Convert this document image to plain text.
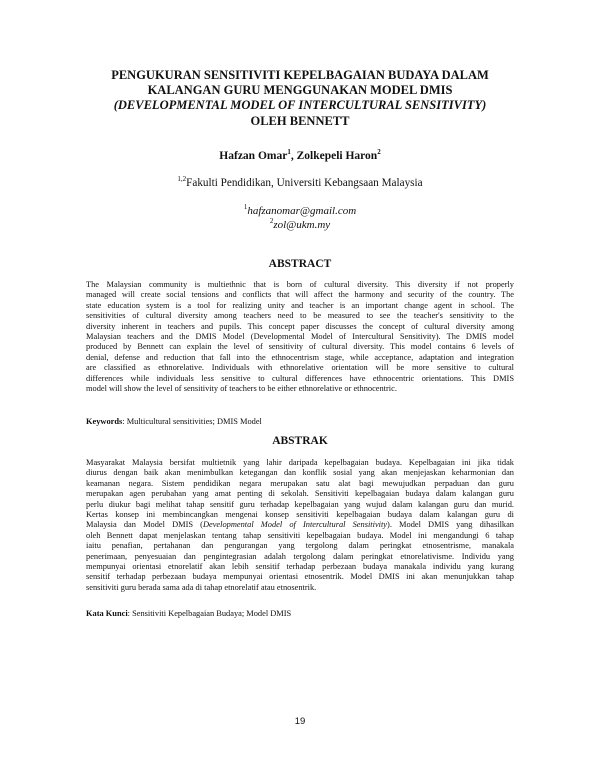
PENGUKURAN SENSITIVITI KEPELBAGAIAN BUDAYA DALAM
KALANGAN GURU MENGGUNAKAN MODEL DMIS
(DEVELOPMENTAL MODEL OF INTERCULTURAL SENSITIVITY)
OLEH BENNETT
Hafzan Omar$^1$, Zolkepeli Haron$^2$
$^{1,2}$Fakulti Pendidikan, Universiti Kebangsaan Malaysia
$^1$hafzanomar@gmail.com
$^2$zol@ukm.my
ABSTRACT
The Malaysian community is multiethnic that is born of cultural diversity. This diversity if not properly
managed will create social tensions and conflicts that will affect the harmony and security of the country. The
state education system is a tool for realizing unity and teacher is an important change agent in school. The
sensitivities of cultural diversity among teachers need to be measured to see the teacher's sensitivity to the
diversity inherent in teachers and pupils. This concept paper discusses the concept of cultural diversity among
Malaysian teachers and the DMIS Model (Developmental Model of Intercultural Sensitivity). The DMIS model
produced by Bennett can explain the level of sensitivity of cultural diversity. This model contains 6 levels of
denial, defense and reduction that fall into the ethnocentrism stage, while acceptance, adaptation and integration
are classified as ethnorelative. Individuals with ethnorelative orientation will be more sensitive to cultural
differences while individuals less sensitive to cultural differences have ethnocentric orientations. This DMIS
model will show the level of sensitivity of teachers to be either ethnorelative or ethnocentric.
Keywords: Multicultural sensitivities; DMIS Model
ABSTRAK
Masyarakat Malaysia bersifat multietnik yang lahir daripada kepelbagaian budaya. Kepelbagaian ini jika tidak
diurus dengan baik akan menimbulkan ketegangan dan konflik sosial yang akan menjejaskan keharmonian dan
keamanan negara. Sistem pendidikan negara merupakan satu alat bagi mewujudkan perpaduan dan guru
merupakan agen perubahan yang amat penting di sekolah. Sensitiviti kepelbagaian budaya dalam kalangan guru
perlu diukur bagi melihat tahap sensitif guru terhadap kepelbagaian yang wujud dalam kalangan guru dan murid.
Kertas konsep ini membincangkan mengenai konsep sensitiviti kepelbagaian budaya dalam kalangan guru di
Malaysia dan Model DMIS (Developmental Model of Intercultural Sensitivity). Model DMIS yang dihasilkan
oleh Bennett dapat menjelaskan tentang tahap sensitiviti kepelbagaian budaya. Model ini mengandungi 6 tahap
iaitu penafian, pertahanan dan pengurangan yang tergolong dalam peringkat etnosentrisme, manakala
penerimaan, penyesuaian dan pengintegrasian adalah tergolong dalam peringkat etnorelativisme. Individu yang
mempunyai orientasi etnorelatif akan lebih sensitif terhadap perbezaan budaya manakala individu yang kurang
sensitif terhadap perbezaan budaya mempunyai orientasi etnosentrik. Model DMIS ini akan menunjukkan tahap
sensitiviti guru berada sama ada di tahap etnorelatif atau etnosentrik.
Kata Kunci: Sensitiviti Kepelbagaian Budaya; Model DMIS
19
